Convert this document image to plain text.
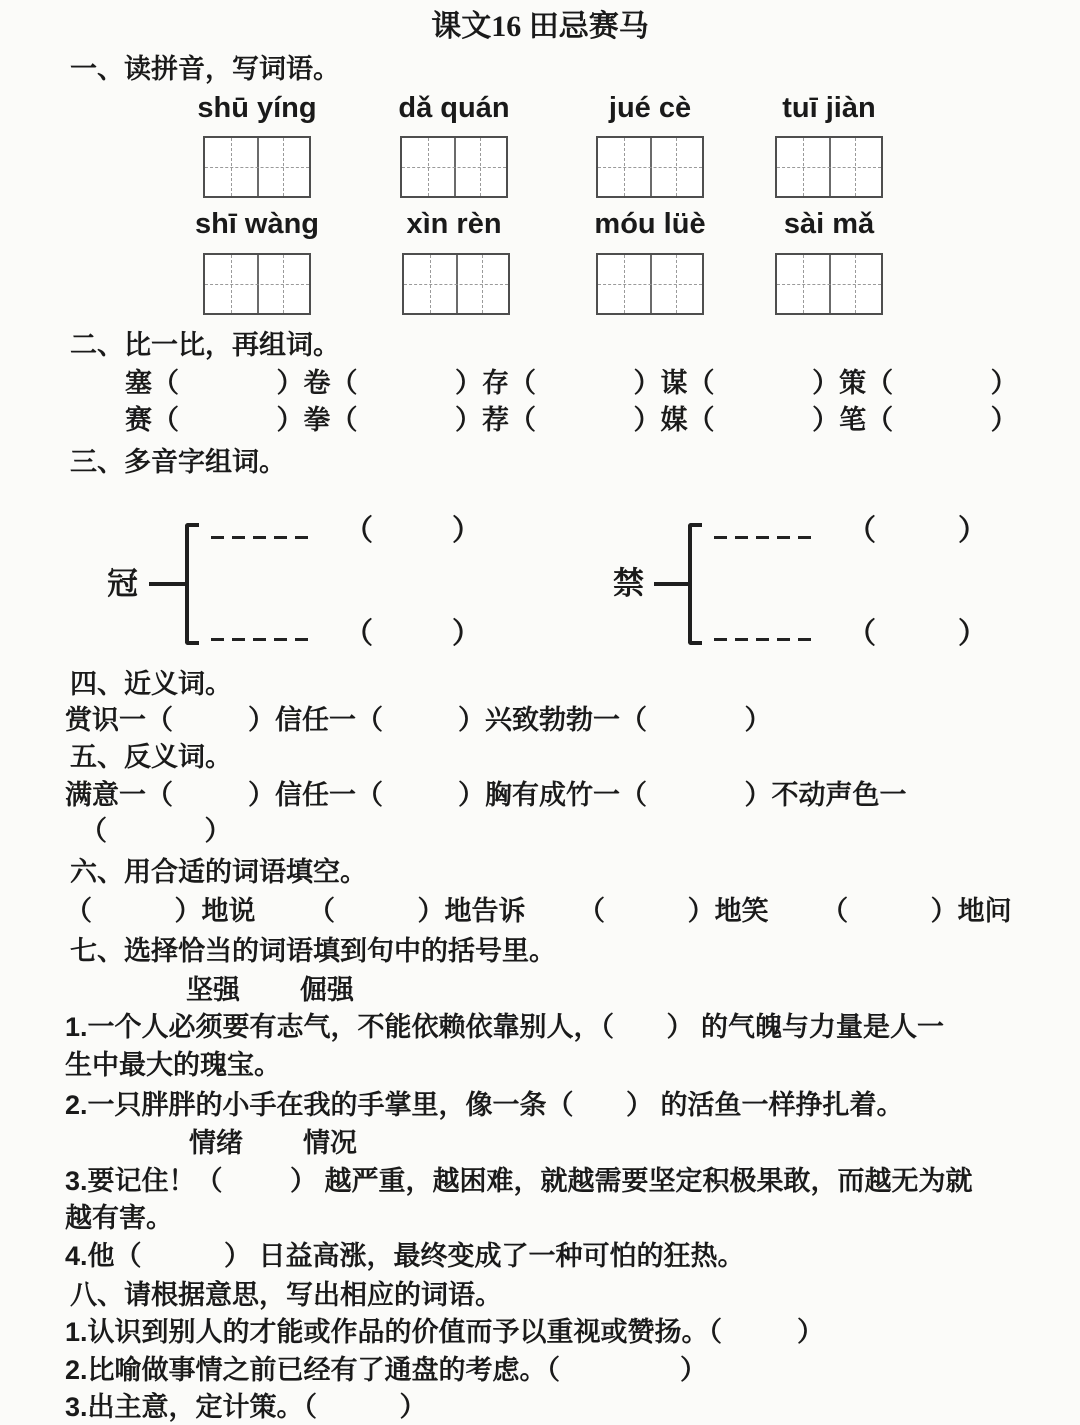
课文16 田忌赛马
一、读拼音，写词语。
shū yíng	dǎ quán	jué cè	tuī jiàn
shī wàng	xìn rèn	móu lüè	sài mǎ
二、比一比，再组词。
塞（             ）卷（             ）存（             ）谋（             ）策（             ）
赛（             ）拳（             ）荐（             ）媒（             ）笔（             ）
三、多音字组词。
冠
（	）
（	）
禁
（	）
（	）
四、近义词。
赏识一（          ）信任一（          ）兴致勃勃一（             ）
五、反义词。
满意一（          ）信任一（          ）胸有成竹一（             ）不动声色一
（             ）
六、用合适的词语填空。
（           ）地说       （           ）地告诉       （           ）地笑       （           ）地问
七、选择恰当的词语填到句中的括号里。
坚强        倔强
1.一个人必须要有志气，不能依赖依靠别人，（       ） 的气魄与力量是人一
生中最大的瑰宝。
2.一只胖胖的小手在我的手掌里，像一条（       ） 的活鱼一样挣扎着。
情绪        情况
3.要记住！（         ） 越严重，越困难，就越需要坚定积极果敢，而越无为就
越有害。
4.他（           ） 日益高涨，最终变成了一种可怕的狂热。
八、请根据意思，写出相应的词语。
1.认识到别人的才能或作品的价值而予以重视或赞扬。（          ）
2.比喻做事情之前已经有了通盘的考虑。（                ）
3.出主意，定计策。（           ）
